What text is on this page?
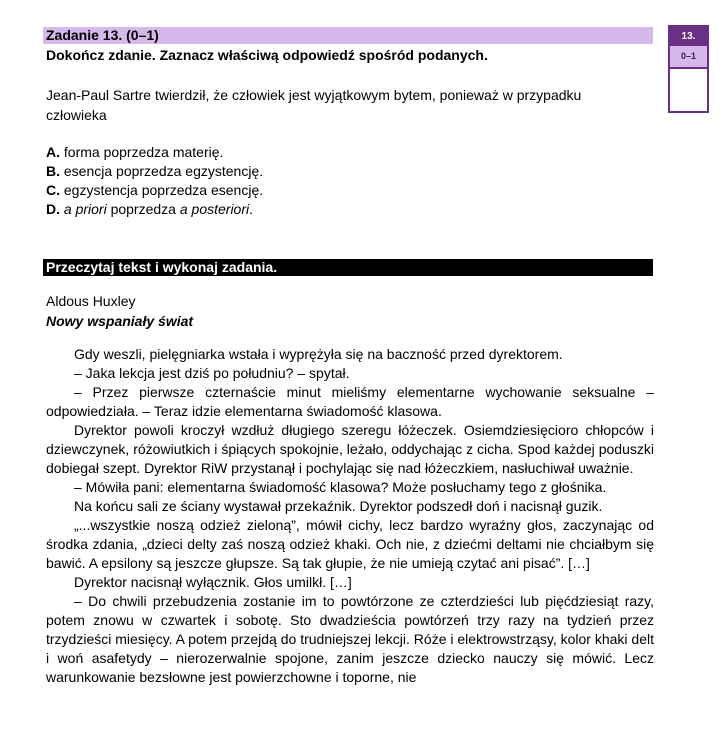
Zadanie 13. (0–1)	13.
0–1
Dokończ zdanie. Zaznacz właściwą odpowiedź spośród podanych.
Jean-Paul Sartre twierdził, że człowiek jest wyjątkowym bytem, ponieważ w przypadku człowieka
A. forma poprzedza materię.
B. esencja poprzedza egzystencję.
C. egzystencja poprzedza esencję.
D. a priori poprzedza a posteriori.
Przeczytaj tekst i wykonaj zadania.
Aldous Huxley
Nowy wspaniały świat

Gdy weszli, pielęgniarka wstała i wyprężyła się na baczność przed dyrektorem.

– Jaka lekcja jest dziś po południu? – spytał.

– Przez pierwsze czternaście minut mieliśmy elementarne wychowanie seksualne – odpowiedziała. – Teraz idzie elementarna świadomość klasowa.

Dyrektor powoli kroczył wzdłuż długiego szeregu łóżeczek. Osiemdziesięcioro chłopców i dziewczynek, różowiutkich i śpiących spokojnie, leżało, oddychając z cicha. Spod każdej poduszki dobiegał szept. Dyrektor RiW przystanął i pochylając się nad łóżeczkiem, nasłuchiwał uważnie.

– Mówiła pani: elementarna świadomość klasowa? Może posłuchamy tego z głośnika.

Na końcu sali ze ściany wystawał przekaźnik. Dyrektor podszedł doń i nacisnął guzik.

„...wszystkie noszą odzież zieloną”, mówił cichy, lecz bardzo wyraźny głos, zaczynając od środka zdania, „dzieci delty zaś noszą odzież khaki. Och nie, z dziećmi deltami nie chciałbym się bawić. A epsilony są jeszcze głupsze. Są tak głupie, że nie umieją czytać ani pisać”. […]

Dyrektor nacisnął wyłącznik. Głos umilkł. […]

– Do chwili przebudzenia zostanie im to powtórzone ze czterdzieści lub pięćdziesiąt razy, potem znowu w czwartek i sobotę. Sto dwadzieścia powtórzeń trzy razy na tydzień przez trzydzieści miesięcy. A potem przejdą do trudniejszej lekcji. Róże i elektrowstrząsy, kolor khaki delt i woń asafetydy – nierozerwalnie spojone, zanim jeszcze dziecko nauczy się mówić. Lecz warunkowanie bezsłowne jest powierzchowne i toporne, nie
